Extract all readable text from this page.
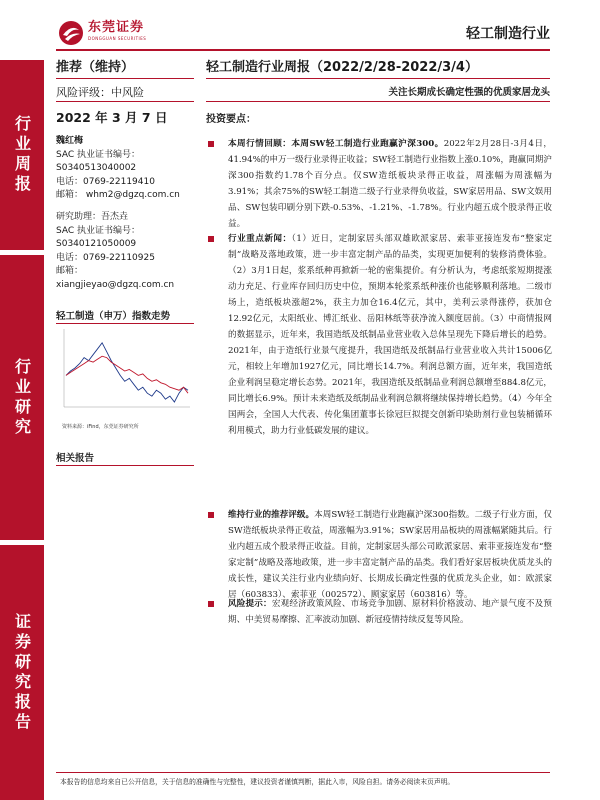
东莞证券
DONGGUAN SECURITIES	轻工制造行业
行业周报
行业研究
证券研究报告
推荐（维持）	轻工制造行业周报（2022/2/28-2022/3/4）
风险评级：中风险	关注长期成长确定性强的优质家居龙头
2022 年 3 月 7 日
魏红梅
SAC 执业证书编号：
S0340513040002
电话：0769-22119410
邮箱： whm2@dgzq.com.cn
研究助理：吾杰垚
SAC 执业证书编号：
S0340121050009
电话：0769-22110925
邮箱：
xiangjieyao@dgzq.com.cn
轻工制造（申万）指数走势
资料来源：iFind，东莞证券研究所
相关报告
投资要点：
本周行情回顾：本周SW轻工制造行业跑赢沪深300。2022年2月28日-3月4日，41.94%的申万一级行业录得正收益；SW轻工制造行业指数上涨0.10%，跑赢同期沪深300指数约1.78个百分点。仅SW造纸板块录得正收益，周涨幅为周涨幅为3.91%；其余75%的SW轻工制造二级子行业录得负收益，SW家居用品、SW文娱用品、SW包装印刷分别下跌-0.53%、-1.21%、-1.78%。行业内超五成个股录得正收益。
行业重点新闻：（1）近日，定制家居头部双雄欧派家居、索菲亚接连发布“整家定制”战略及落地政策，进一步丰富定制产品的品类，实现更加便利的装修消费体验。（2）3月1日起，浆系纸种再掀新一轮的密集提价。有分析认为，考虑纸浆短期提涨动力充足、行业库存回归历史中位，预期本轮浆系纸种涨价也能够顺利落地。二级市场上，造纸板块涨超2%，获主力加仓16.4亿元，其中，美利云录得涨停，获加仓12.92亿元，太阳纸业、博汇纸业、岳阳林纸等获净流入额度居前。（3）中商情报网的数据显示，近年来，我国造纸及纸制品业营业收入总体呈现先下降后增长的趋势。2021年，由于造纸行业景气度提升，我国造纸及纸制品行业营业收入共计15006亿元，相较上年增加1927亿元，同比增长14.7%。利润总额方面，近年来，我国造纸企业利润呈稳定增长态势。2021年，我国造纸及纸制品业利润总额增至884.8亿元，同比增长6.9%。预计未来造纸及纸制品业利润总额将继续保持增长趋势。（4）今年全国两会，全国人大代表、传化集团董事长徐冠巨拟提交创新印染助剂行业包装桶循环利用模式，助力行业低碳发展的建议。
维持行业的推荐评级。本周SW轻工制造行业跑赢沪深300指数。二级子行业方面，仅SW造纸板块录得正收益，周涨幅为3.91%；SW家居用品板块的周涨幅紧随其后。行业内超五成个股录得正收益。目前，定制家居头部公司欧派家居、索菲亚接连发布“整家定制”战略及落地政策，进一步丰富定制产品的品类。我们看好家居板块优质龙头的成长性，建议关注行业内业绩向好、长期成长确定性强的优质龙头企业，如：欧派家居（603833）、索菲亚（002572）、顾家家居（603816）等。
风险提示：宏观经济政策风险、市场竞争加剧、原材料价格波动、地产景气度不及预期、中美贸易摩擦、汇率波动加剧、新冠疫情持续反复等风险。
本报告的信息均来自已公开信息，关于信息的准确性与完整性，建议投资者谨慎判断，据此入市，风险自担。请务必阅读末页声明。
